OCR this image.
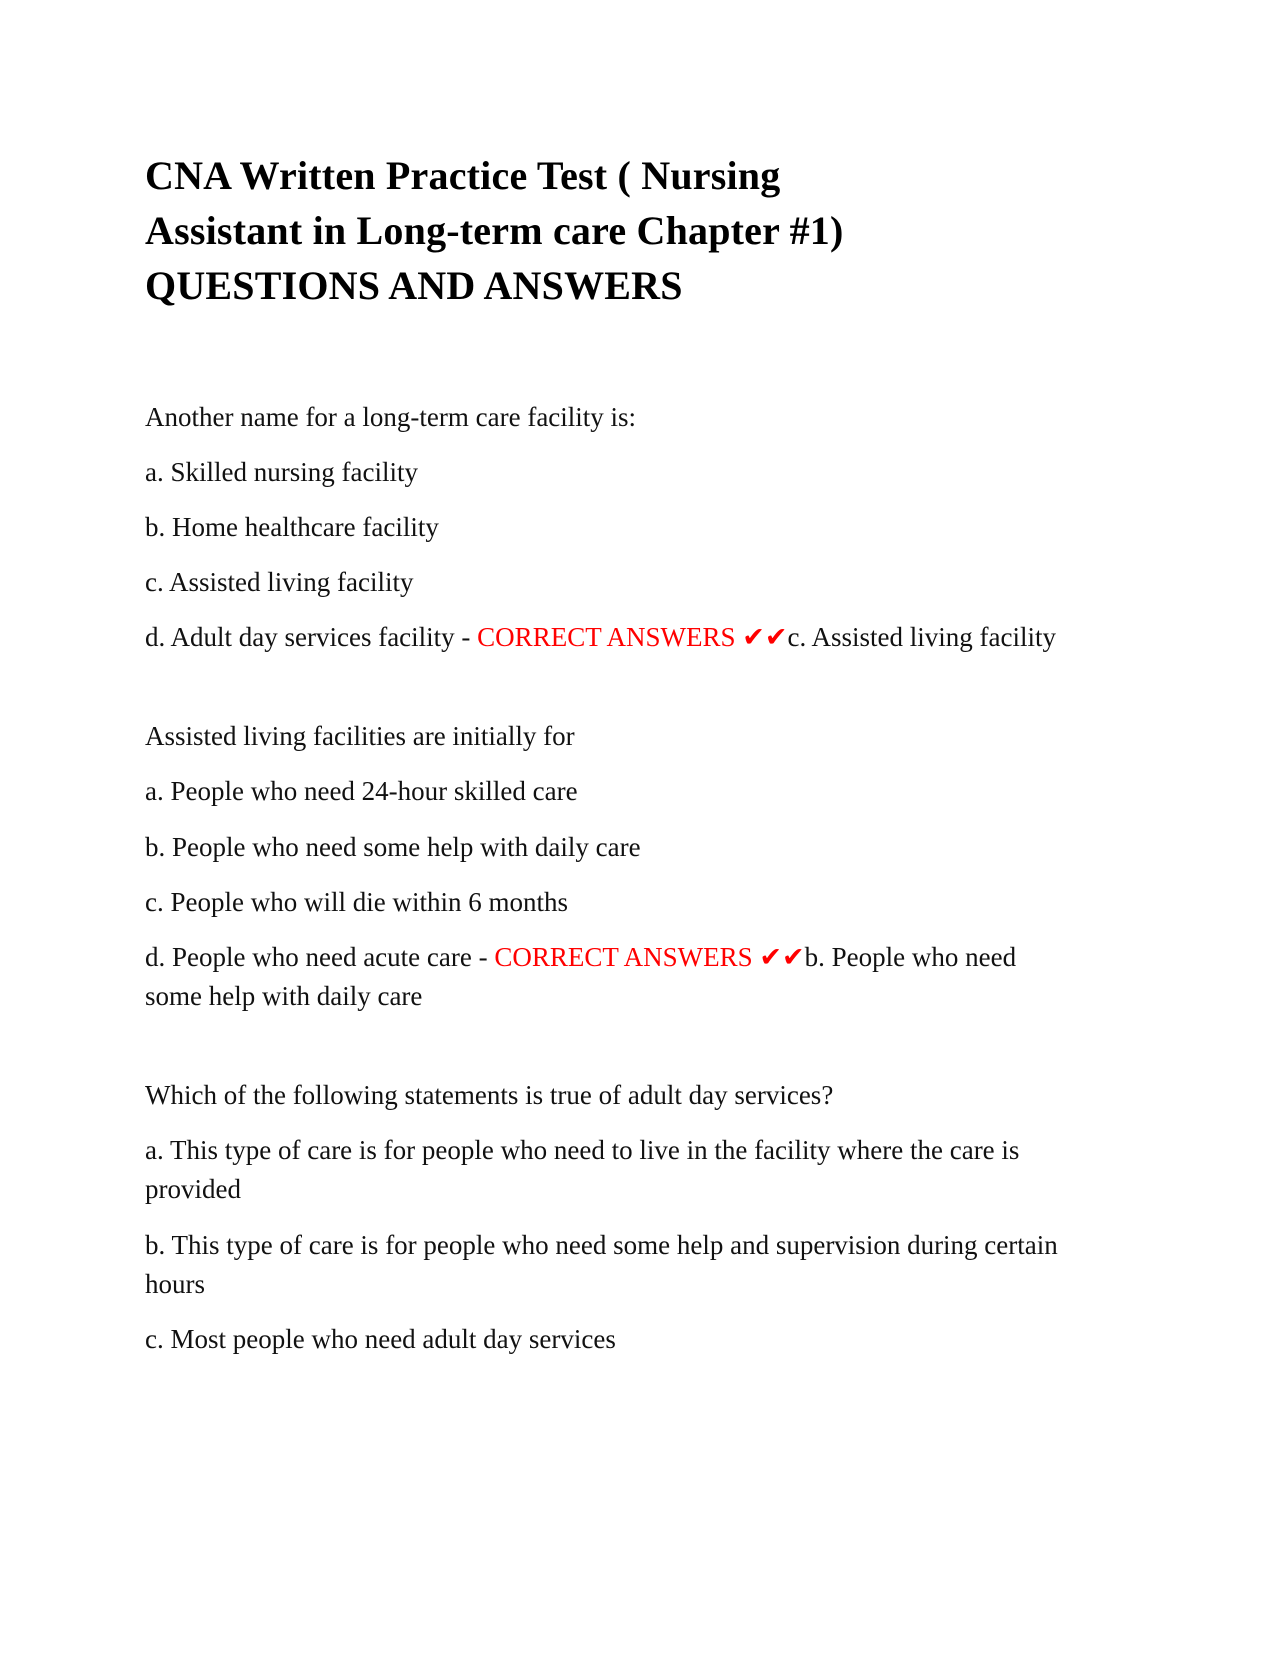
CNA Written Practice Test ( Nursing
Assistant in Long-term care Chapter #1)
QUESTIONS AND ANSWERS

Another name for a long-term care facility is:

a. Skilled nursing facility

b. Home healthcare facility

c. Assisted living facility

d. Adult day services facility - CORRECT ANSWERS ✔✔c. Assisted living facility

Assisted living facilities are initially for

a. People who need 24-hour skilled care

b. People who need some help with daily care

c. People who will die within 6 months

d. People who need acute care - CORRECT ANSWERS ✔✔b. People who need some help with daily care

Which of the following statements is true of adult day services?

a. This type of care is for people who need to live in the facility where the care is provided

b. This type of care is for people who need some help and supervision during certain hours

c. Most people who need adult day services
